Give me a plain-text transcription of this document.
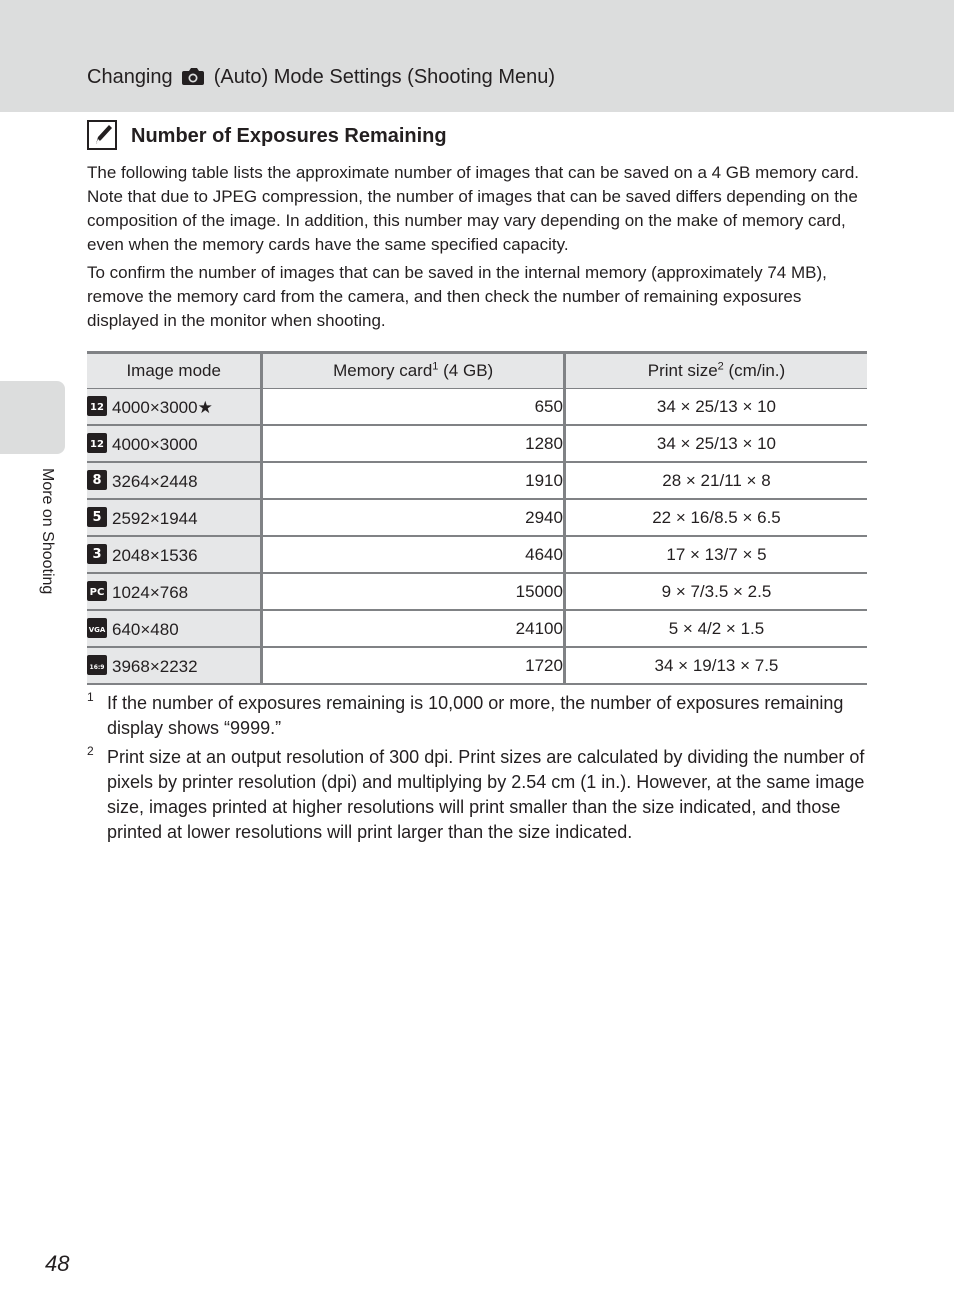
Changing (Auto) Mode Settings (Shooting Menu)
More on Shooting
Number of Exposures Remaining

The following table lists the approximate number of images that can be saved on a 4 GB memory card. Note that due to JPEG compression, the number of images that can be saved differs depending on the composition of the image. In addition, this number may vary depending on the make of memory card, even when the memory cards have the same specified capacity.

To confirm the number of images that can be saved in the internal memory (approximately 74 MB), remove the memory card from the camera, and then check the number of remaining exposures displayed in the monitor when shooting.

Image mode	Memory card$^1$ (4 GB)	Print size$^2$ (cm/in.)

12 4000×3000★	650	34 × 25/13 × 10

12 4000×3000	1280	34 × 25/13 × 10

8 3264×2448	1910	28 × 21/11 × 8

5 2592×1944	2940	22 × 16/8.5 × 6.5

3 2048×1536	4640	17 × 13/7 × 5

PC 1024×768	15000	9 × 7/3.5 × 2.5

VGA 640×480	24100	5 × 4/2 × 1.5

16:9 3968×2232	1720	34 × 19/13 × 7.5

1 If the number of exposures remaining is 10,000 or more, the number of exposures remaining display shows “9999.”

2 Print size at an output resolution of 300 dpi. Print sizes are calculated by dividing the number of pixels by printer resolution (dpi) and multiplying by 2.54 cm (1 in.). However, at the same image size, images printed at higher resolutions will print smaller than the size indicated, and those printed at lower resolutions will print larger than the size indicated.

48
